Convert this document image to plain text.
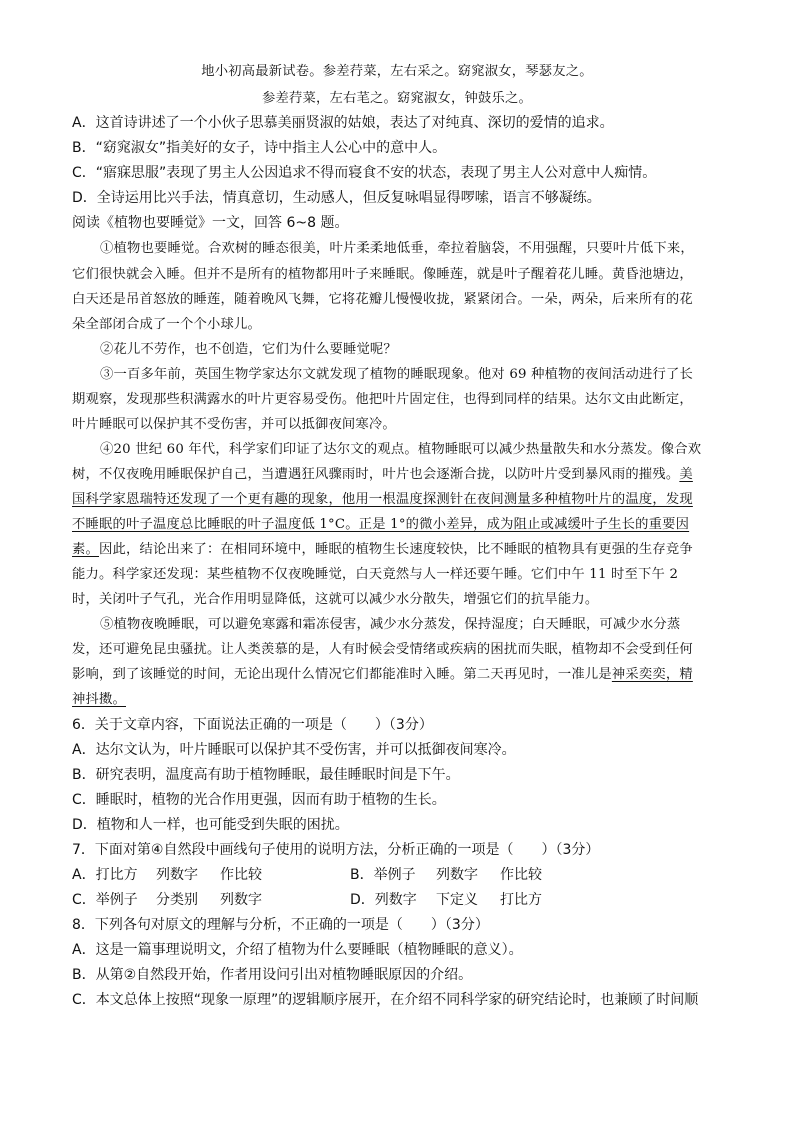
地小初高最新试卷。参差荇菜，左右采之。窈窕淑女，琴瑟友之。
参差荇菜，左右芼之。窈窕淑女，钟鼓乐之。
A．这首诗讲述了一个小伙子思慕美丽贤淑的姑娘，表达了对纯真、深切的爱情的追求。
B．“窈窕淑女”指美好的女子，诗中指主人公心中的意中人。
C．“寤寐思服”表现了男主人公因追求不得而寝食不安的状态，表现了男主人公对意中人痴情。
D．全诗运用比兴手法，情真意切，生动感人，但反复咏唱显得啰嗦，语言不够凝练。
阅读《植物也要睡觉》一文，回答 6~8 题。
①植物也要睡觉。合欢树的睡态很美，叶片柔柔地低垂，牵拉着脑袋，不用强醒，只要叶片低下来，
它们很快就会入睡。但并不是所有的植物都用叶子来睡眠。像睡莲，就是叶子醒着花儿睡。黄昏池塘边，
白天还是吊首怒放的睡莲，随着晚风飞舞，它将花瓣儿慢慢收拢，紧紧闭合。一朵，两朵，后来所有的花
朵全部闭合成了一个个小球儿。
②花儿不劳作，也不创造，它们为什么要睡觉呢？
③一百多年前，英国生物学家达尔文就发现了植物的睡眠现象。他对 69 种植物的夜间活动进行了长
期观察，发现那些积满露水的叶片更容易受伤。他把叶片固定住，也得到同样的结果。达尔文由此断定，
叶片睡眠可以保护其不受伤害，并可以抵御夜间寒冷。
④20 世纪 60 年代，科学家们印证了达尔文的观点。植物睡眠可以减少热量散失和水分蒸发。像合欢
树，不仅夜晚用睡眠保护自己，当遭遇狂风骤雨时，叶片也会逐渐合拢，以防叶片受到暴风雨的摧残。美
国科学家恩瑞特还发现了一个更有趣的现象，他用一根温度探测针在夜间测量多种植物叶片的温度，发现
不睡眠的叶子温度总比睡眠的叶子温度低 1°C。正是 1°的微小差异，成为阻止或减缓叶子生长的重要因
素。因此，结论出来了：在相同环境中，睡眠的植物生长速度较快，比不睡眠的植物具有更强的生存竞争
能力。科学家还发现：某些植物不仅夜晚睡觉，白天竟然与人一样还要午睡。它们中午 11 时至下午 2
时，关闭叶子气孔，光合作用明显降低，这就可以减少水分散失，增强它们的抗旱能力。
⑤植物夜晚睡眠，可以避免寒露和霜冻侵害，减少水分蒸发，保持湿度；白天睡眠，可减少水分蒸
发，还可避免昆虫骚扰。让人类羡慕的是，人有时候会受情绪或疾病的困扰而失眠，植物却不会受到任何
影响，到了该睡觉的时间，无论出现什么情况它们都能准时入睡。第二天再见时，一准儿是神采奕奕，精
神抖擞。
6．关于文章内容，下面说法正确的一项是（　　）（3分）
A．达尔文认为，叶片睡眠可以保护其不受伤害，并可以抵御夜间寒冷。
B．研究表明，温度高有助于植物睡眠，最佳睡眠时间是下午。
C．睡眠时，植物的光合作用更强，因而有助于植物的生长。
D．植物和人一样，也可能受到失眠的困扰。
7．下面对第④自然段中画线句子使用的说明方法，分析正确的一项是（　　）（3分）
A．打比方 列数字 作比较	B．举例子 列数字 作比较
C．举例子 分类别 列数字	D．列数字 下定义 打比方
8．下列各句对原文的理解与分析，不正确的一项是（　　）（3分）
A．这是一篇事理说明文，介绍了植物为什么要睡眠（植物睡眠的意义）。
B．从第②自然段开始，作者用设问引出对植物睡眠原因的介绍。
C．本文总体上按照“现象一原理”的逻辑顺序展开，在介绍不同科学家的研究结论时，也兼顾了时间顺
